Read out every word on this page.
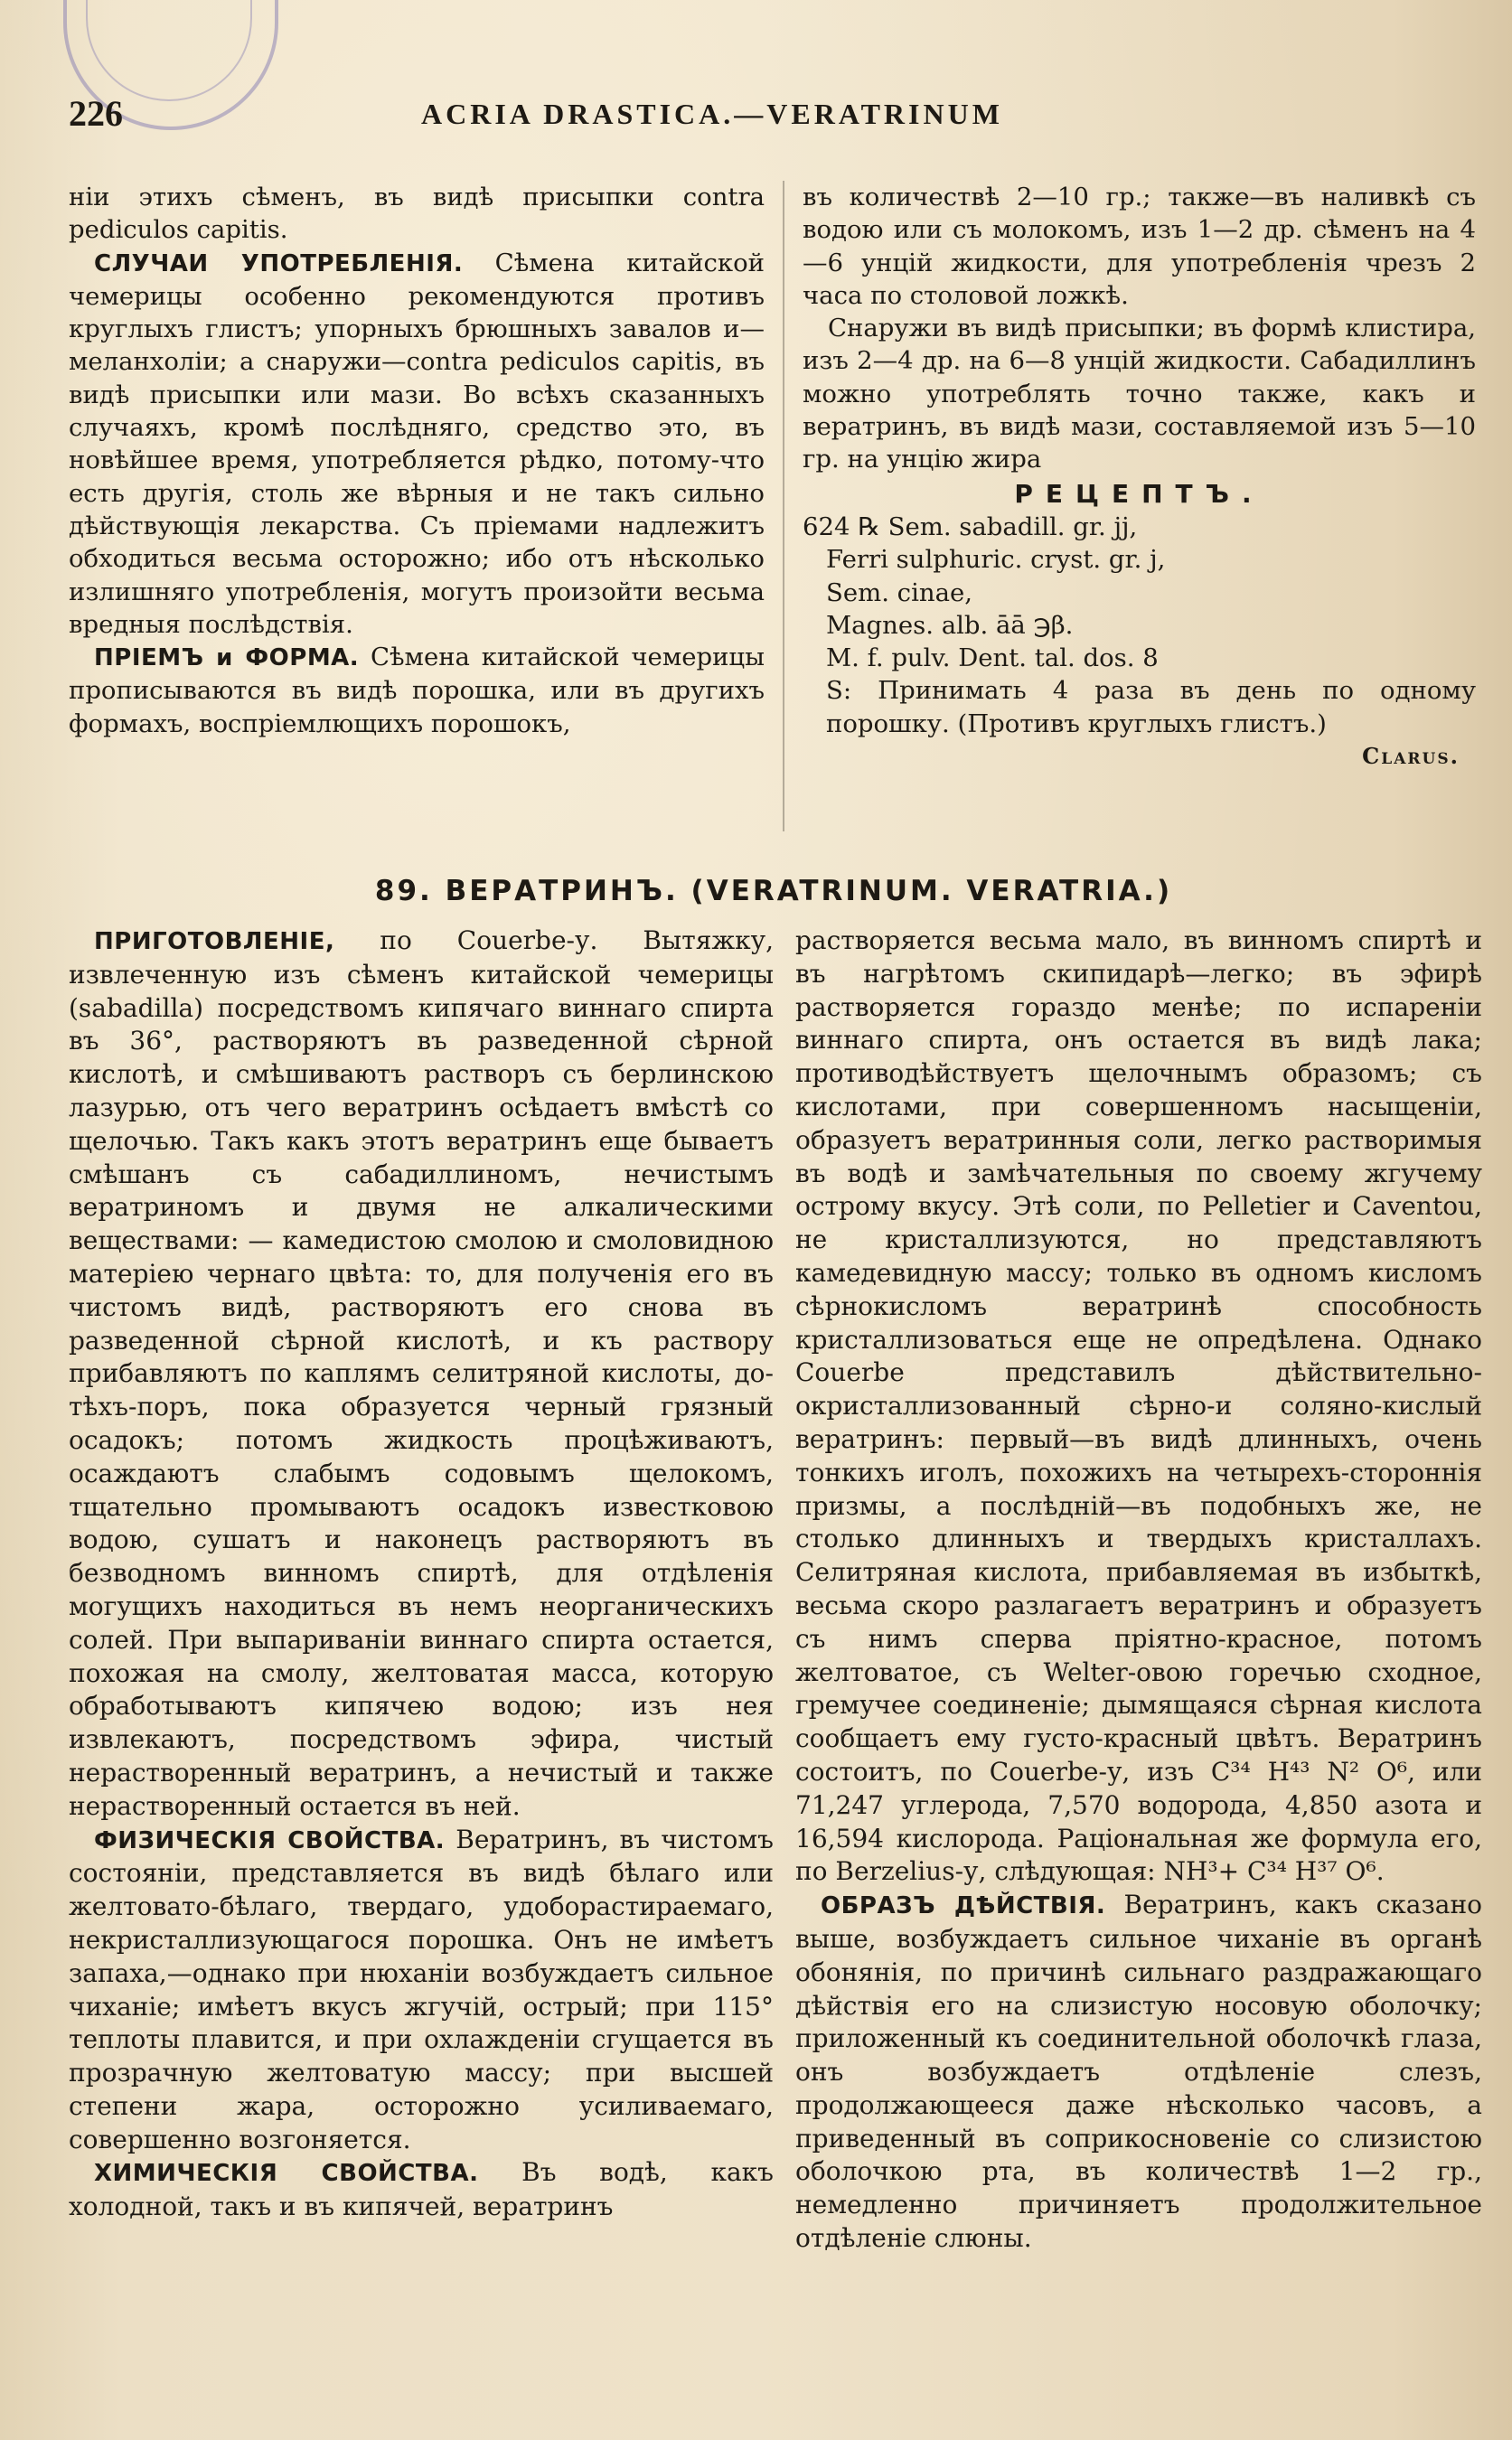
226	ACRIA DRASTICA.—VERATRINUM

ніи этихъ сѣменъ, въ видѣ присыпки contra pediculos capitis.

СЛУЧАИ УПОТРЕБЛЕНІЯ. Сѣмена китайской чемерицы особенно рекомендуются противъ круглыхъ глистъ; упорныхъ брюшныхъ завалов и—меланхоліи; а снаружи—contra pediculos capitis, въ видѣ присыпки или мази. Во всѣхъ сказанныхъ случаяхъ, кромѣ послѣдняго, средство это, въ новѣйшее время, употребляется рѣдко, потому-что есть другія, столь же вѣрныя и не такъ сильно дѣйствующія лекарства. Съ пріемами надлежитъ обходиться весьма осторожно; ибо отъ нѣсколько излишняго употребленія, могутъ произойти весьма вредныя послѣдствія.

ПРІЕМЪ и ФОРМА. Сѣмена китайской чемерицы прописываются въ видѣ порошка, или въ другихъ формахъ, воспріемлющихъ порошокъ,

въ количествѣ 2—10 гр.; также—въ наливкѣ съ водою или съ молокомъ, изъ 1—2 др. сѣменъ на 4—6 унцій жидкости, для употребленія чрезъ 2 часа по столовой ложкѣ.

Снаружи въ видѣ присыпки; въ формѣ клистира, изъ 2—4 др. на 6—8 унцій жидкости. Сабадиллинъ можно употреблять точно также, какъ и вератринъ, въ видѣ мази, составляемой изъ 5—10 гр. на унцію жира

РЕЦЕПТЪ.
624 ℞ Sem. sabadill. gr. jj,
Ferri sulphuric. cryst. gr. j,
Sem. cinae,
Magnes. alb. āā ℈β.
M. f. pulv. Dent. tal. dos. 8

S: Принимать 4 раза въ день по одному порошку. (Противъ круглыхъ глистъ.)

Clarus.
89. ВЕРАТРИНЪ. (VERATRINUM. VERATRIA.)

ПРИГОТОВЛЕНІЕ, по Couerbe-у. Вытяжку, извлеченную изъ сѣменъ китайской чемерицы (sabadilla) посредствомъ кипячаго виннаго спирта въ 36°, растворяютъ въ разведенной сѣрной кислотѣ, и смѣшиваютъ растворъ съ берлинскою лазурью, отъ чего вератринъ осѣдаетъ вмѣстѣ со щелочью. Такъ какъ этотъ вератринъ еще бываетъ смѣшанъ съ сабадиллиномъ, нечистымъ вератриномъ и двумя не алкалическими веществами: — камедистою смолою и смоловидною матеріею чернаго цвѣта: то, для полученія его въ чистомъ видѣ, растворяютъ его снова въ разведенной сѣрной кислотѣ, и къ раствору прибавляютъ по каплямъ селитряной кислоты, до-тѣхъ-поръ, пока образуется черный грязный осадокъ; потомъ жидкость процѣживаютъ, осаждаютъ слабымъ содовымъ щелокомъ, тщательно промываютъ осадокъ известковою водою, сушатъ и наконецъ растворяютъ въ безводномъ винномъ спиртѣ, для отдѣленія могущихъ находиться въ немъ неорганическихъ солей. При выпариваніи виннаго спирта остается, похожая на смолу, желтоватая масса, которую обработываютъ кипячею водою; изъ нея извлекаютъ, посредствомъ эфира, чистый нерастворенный вератринъ, а нечистый и также нерастворенный остается въ ней.

ФИЗИЧЕСКІЯ СВОЙСТВА. Вератринъ, въ чистомъ состояніи, представляется въ видѣ бѣлаго или желтовато-бѣлаго, твердаго, удоборастираемаго, некристаллизующагося порошка. Онъ не имѣетъ запаха,—однако при нюханіи возбуждаетъ сильное чиханіе; имѣетъ вкусъ жгучій, острый; при 115° теплоты плавится, и при охлажденіи сгущается въ прозрачную желтоватую массу; при высшей степени жара, осторожно усиливаемаго, совершенно возгоняется.

ХИМИЧЕСКІЯ СВОЙСТВА. Въ водѣ, какъ холодной, такъ и въ кипячей, вератринъ

растворяется весьма мало, въ винномъ спиртѣ и въ нагрѣтомъ скипидарѣ—легко; въ эфирѣ растворяется гораздо менѣе; по испареніи виннаго спирта, онъ остается въ видѣ лака; противодѣйствуетъ щелочнымъ образомъ; съ кислотами, при совершенномъ насыщеніи, образуетъ вератринныя соли, легко растворимыя въ водѣ и замѣчательныя по своему жгучему острому вкусу. Этѣ соли, по Pelletier и Caventou, не кристаллизуются, но представляютъ камедевидную массу; только въ одномъ кисломъ сѣрнокисломъ вератринѣ способность кристаллизоваться еще не опредѣлена. Однако Couerbe представилъ дѣйствительно-окристаллизованный сѣрно-и соляно-кислый вератринъ: первый—въ видѣ длинныхъ, очень тонкихъ иголъ, похожихъ на четырехъ-стороннія призмы, а послѣдній—въ подобныхъ же, не столько длинныхъ и твердыхъ кристаллахъ. Селитряная кислота, прибавляемая въ избыткѣ, весьма скоро разлагаетъ вератринъ и образуетъ съ нимъ сперва пріятно-красное, потомъ желтоватое, съ Welter-овою горечью сходное, гремучее соединеніе; дымящаяся сѣрная кислота сообщаетъ ему густо-красный цвѣтъ. Вератринъ состоитъ, по Couerbe-у, изъ C³⁴ H⁴³ N² O⁶, или 71,247 углерода, 7,570 водорода, 4,850 азота и 16,594 кислорода. Раціональная же формула его, по Berzelius-у, слѣдующая: NH³+ C³⁴ H³⁷ O⁶.

ОБРАЗЪ ДѢЙСТВІЯ. Вератринъ, какъ сказано выше, возбуждаетъ сильное чиханіе въ органѣ обонянія, по причинѣ сильнаго раздражающаго дѣйствія его на слизистую носовую оболочку; приложенный къ соединительной оболочкѣ глаза, онъ возбуждаетъ отдѣленіе слезъ, продолжающееся даже нѣсколько часовъ, а приведенный въ соприкосновеніе со слизистою оболочкою рта, въ количествѣ 1—2 гр., немедленно причиняетъ продолжительное отдѣленіе слюны.
